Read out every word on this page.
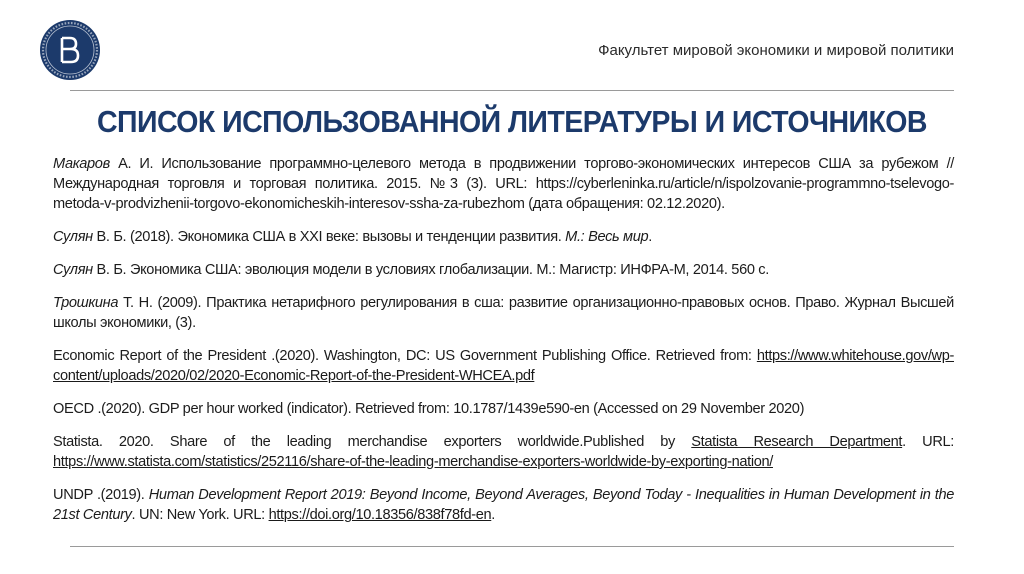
Факультет мировой экономики и мировой политики
СПИСОК ИСПОЛЬЗОВАННОЙ ЛИТЕРАТУРЫ И ИСТОЧНИКОВ

Макаров А. И. Использование программно-целевого метода в продвижении торгово-экономических интересов США за рубежом // Международная торговля и торговая политика. 2015. №3 (3). URL: https://cyberleninka.ru/article/n/ispolzovanie-programmno-tselevogo-metoda-v-prodvizhenii-torgovo-ekonomicheskih-interesov-ssha-za-rubezhom (дата обращения: 02.12.2020).

Сулян В. Б. (2018). Экономика США в XXI веке: вызовы и тенденции развития. М.: Весь мир.

Сулян В. Б. Экономика США: эволюция модели в условиях глобализации. М.: Магистр: ИНФРА-М, 2014. 560 с.

Трошкина Т. Н. (2009). Практика нетарифного регулирования в сша: развитие организационно-правовых основ. Право. Журнал Высшей школы экономики, (3).

Economic Report of the President .(2020). Washington, DC: US Government Publishing Office. Retrieved from: https://www.whitehouse.gov/wp-content/uploads/2020/02/2020-Economic-Report-of-the-President-WHCEA.pdf

OECD .(2020). GDP per hour worked (indicator). Retrieved from: 10.1787/1439e590-en (Accessed on 29 November 2020)

Statista. 2020. Share of the leading merchandise exporters worldwide.Published by Statista Research Department. URL: https://www.statista.com/statistics/252116/share-of-the-leading-merchandise-exporters-worldwide-by-exporting-nation/

UNDP .(2019). Human Development Report 2019: Beyond Income, Beyond Averages, Beyond Today - Inequalities in Human Development in the 21st Century. UN: New York. URL: https://doi.org/10.18356/838f78fd-en.
